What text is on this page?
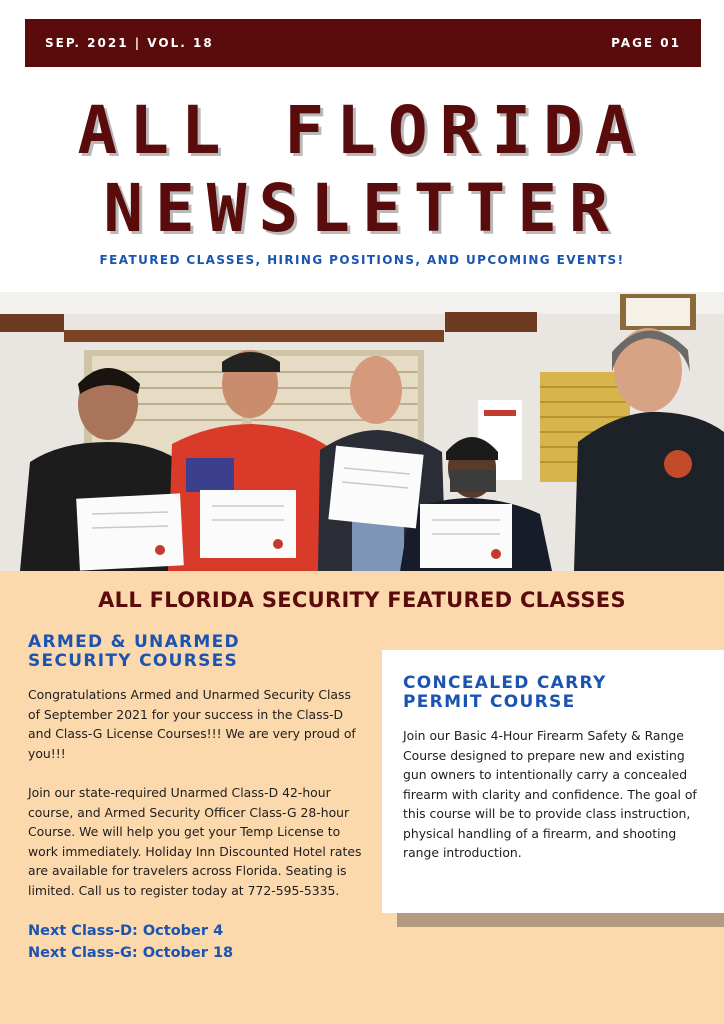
SEP. 2021 | VOL. 18	PAGE 01
ALL FLORIDA
NEWSLETTER
FEATURED CLASSES, HIRING POSITIONS, AND UPCOMING EVENTS!
ALL FLORIDA SECURITY FEATURED CLASSES
ARMED & UNARMED
SECURITY COURSES

Congratulations Armed and Unarmed Security Class of September 2021 for your success in the Class-D and Class-G License Courses!!! We are very proud of you!!!

Join our state-required Unarmed Class-D 42-hour course, and Armed Security Officer Class-G 28-hour Course. We will help you get your Temp License to work immediately. Holiday Inn Discounted Hotel rates are available for travelers across Florida. Seating is limited. Call us to register today at 772-595-5335.

Next Class-D: October 4
Next Class-G: October 18
CONCEALED CARRY
PERMIT COURSE

Join our Basic 4-Hour Firearm Safety & Range Course designed to prepare new and existing gun owners to intentionally carry a concealed firearm with clarity and confidence. The goal of this course will be to provide class instruction, physical handling of a firearm, and shooting range introduction.
